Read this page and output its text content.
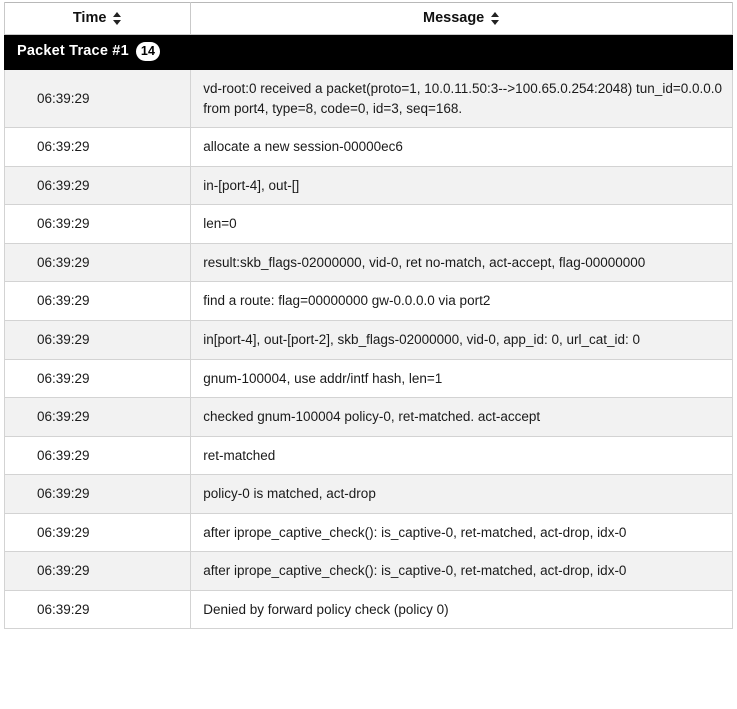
Time	Message

Packet Trace #1 14	

06:39:29	vd-root:0 received a packet(proto=1, 10.0.11.50:3-->100.65.0.254:2048) tun_id=0.0.0.0 from port4, type=8, code=0, id=3, seq=168.
06:39:29	allocate a new session-00000ec6
06:39:29	in-[port-4], out-[]
06:39:29	len=0
06:39:29	result:skb_flags-02000000, vid-0, ret no-match, act-accept, flag-00000000
06:39:29	find a route: flag=00000000 gw-0.0.0.0 via port2
06:39:29	in[port-4], out-[port-2], skb_flags-02000000, vid-0, app_id: 0, url_cat_id: 0
06:39:29	gnum-100004, use addr/intf hash, len=1
06:39:29	checked gnum-100004 policy-0, ret-matched. act-accept
06:39:29	ret-matched
06:39:29	policy-0 is matched, act-drop
06:39:29	after iprope_captive_check(): is_captive-0, ret-matched, act-drop, idx-0
06:39:29	after iprope_captive_check(): is_captive-0, ret-matched, act-drop, idx-0
06:39:29	Denied by forward policy check (policy 0)
